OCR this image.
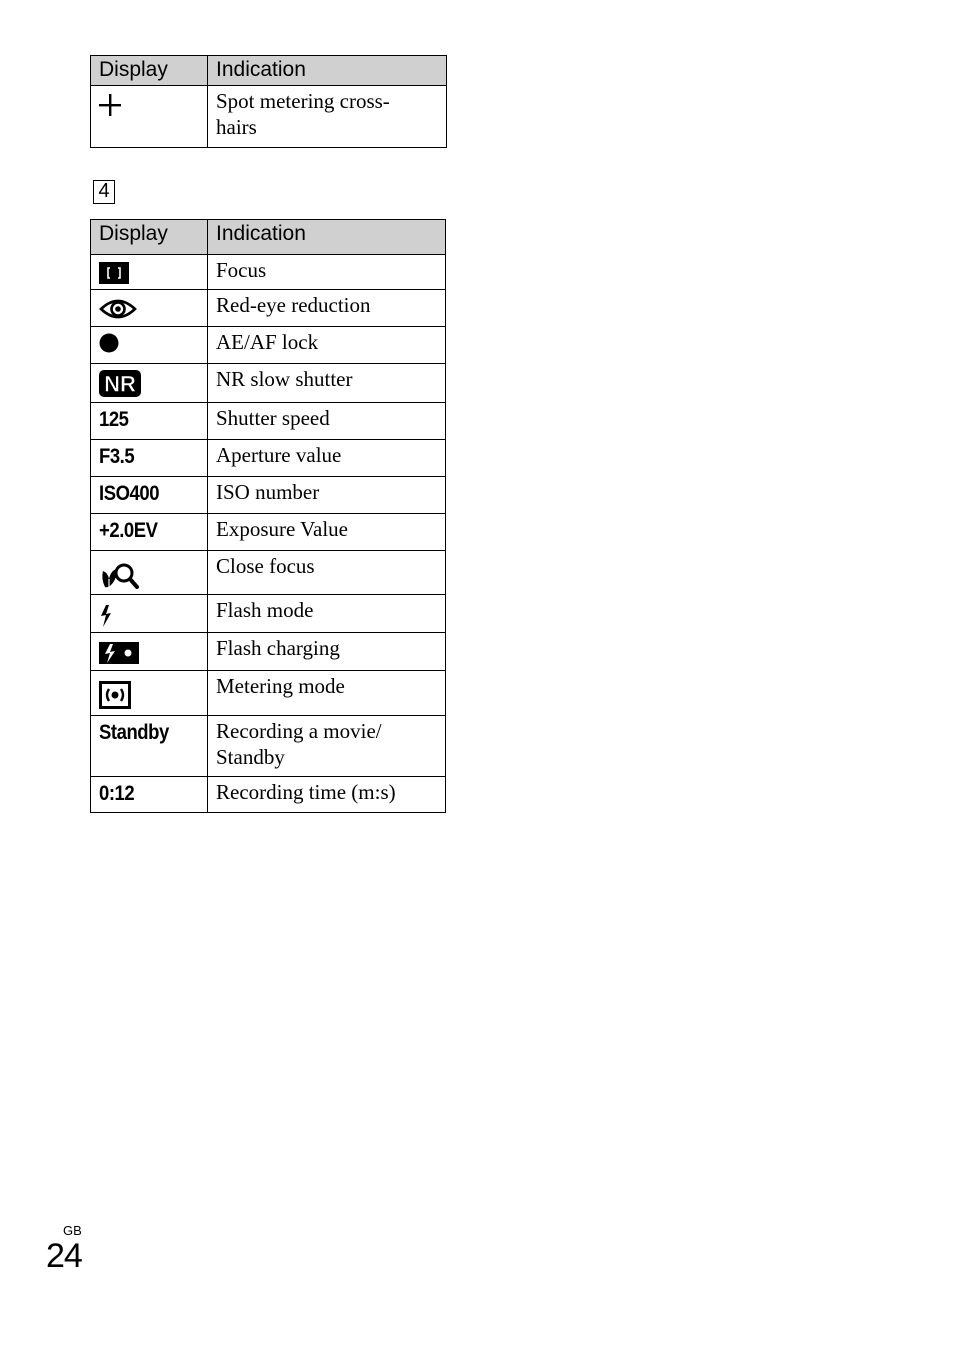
Display	Indication

	Spot metering cross-
hairs
4
Display	Indication

	Focus

	Red-eye reduction

	AE/AF lock

NR	NR slow shutter
125	Shutter speed
F3.5	Aperture value
ISO400	ISO number
+2.0EV	Exposure Value

	Close focus

	Flash mode

	Flash charging

	Metering mode
Standby	Recording a movie/
Standby
0:12	Recording time (m:s)
GB
24
